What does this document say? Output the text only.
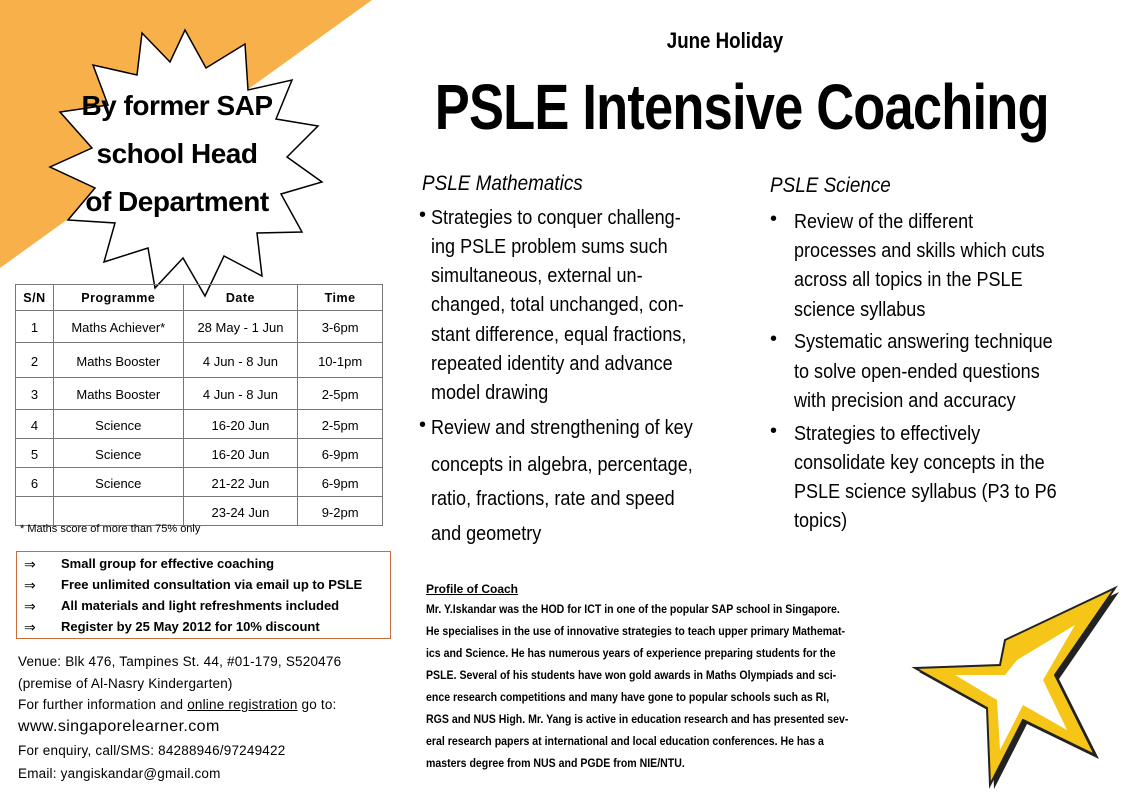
By former SAP
school Head
of Department
June Holiday
PSLE Intensive Coaching
PSLE Mathematics
• Strategies to conquer challeng-
ing PSLE problem sums such
simultaneous, external un-
changed, total unchanged, con-
stant difference, equal fractions,
repeated identity and advance
model drawing
• Review and strengthening of key
concepts in algebra, percentage,
ratio, fractions, rate and speed
and geometry
PSLE Science
• Review of the different
processes and skills which cuts
across all topics in the PSLE
science syllabus
• Systematic answering technique
to solve open-ended questions
with precision and accuracy
• Strategies to effectively
consolidate key concepts in the
PSLE science syllabus (P3 to P6
topics)
S/N	Programme	Date	Time
1	Maths Achiever*	28 May - 1 Jun	3-6pm
2	Maths Booster	4 Jun - 8 Jun	10-1pm
3	Maths Booster	4 Jun - 8 Jun	2-5pm
4	Science	16-20 Jun	2-5pm
5	Science	16-20 Jun	6-9pm
6	Science	21-22 Jun	6-9pm
		23-24 Jun	9-2pm
* Maths score of more than 75% only
⇒ Small group for effective coaching
⇒ Free unlimited consultation via email up to PSLE
⇒ All materials and light refreshments included
⇒ Register by 25 May 2012 for 10% discount
Venue: Blk 476, Tampines St. 44, #01-179, S520476
(premise of Al-Nasry Kindergarten)
For further information and online registration go to:
www.singaporelearner.com
For enquiry, call/SMS: 84288946/97249422
Email: yangiskandar@gmail.com
Profile of Coach
Mr. Y.Iskandar was the HOD for ICT in one of the popular SAP school in Singapore.
He specialises in the use of innovative strategies to teach upper primary Mathemat-
ics and Science. He has numerous years of experience preparing students for the
PSLE. Several of his students have won gold awards in Maths Olympiads and sci-
ence research competitions and many have gone to popular schools such as RI,
RGS and NUS High. Mr. Yang is active in education research and has presented sev-
eral research papers at international and local education conferences. He has a
masters degree from NUS and PGDE from NIE/NTU.
